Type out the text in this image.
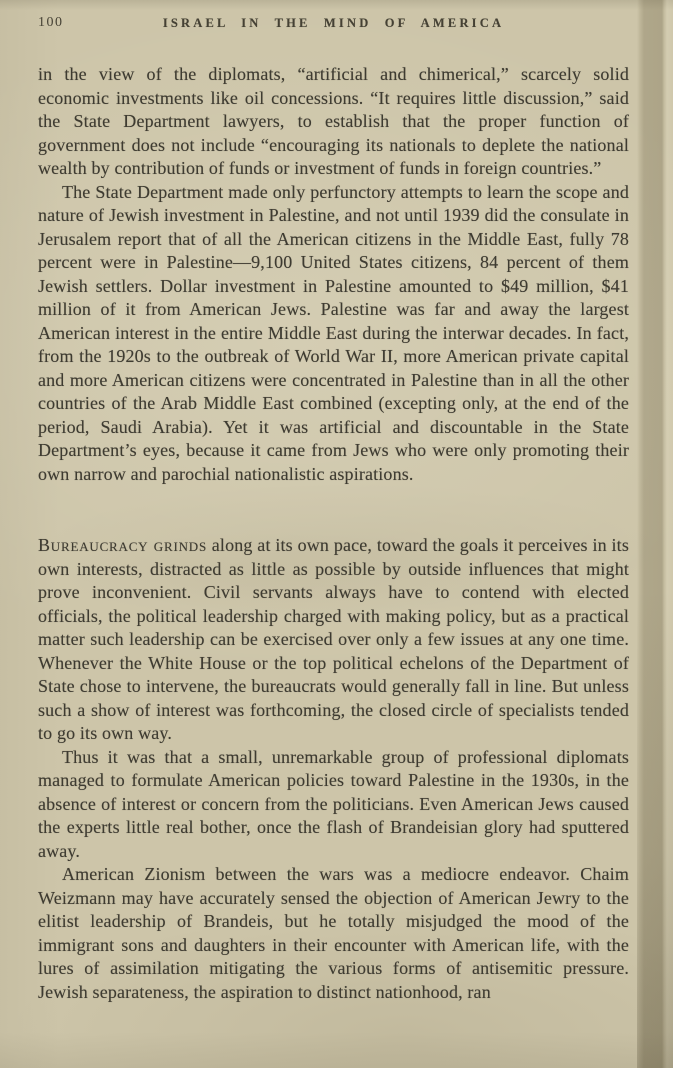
100	ISRAEL IN THE MIND OF AMERICA

in the view of the diplomats, “artificial and chimerical,” scarcely solid economic investments like oil concessions. “It requires little discussion,” said the State Department lawyers, to establish that the proper function of government does not include “encouraging its nationals to deplete the national wealth by contribution of funds or investment of funds in foreign countries.”

The State Department made only perfunctory attempts to learn the scope and nature of Jewish investment in Palestine, and not until 1939 did the consulate in Jerusalem report that of all the American citizens in the Middle East, fully 78 percent were in Palestine—9,100 United States citizens, 84 percent of them Jewish settlers. Dollar investment in Palestine amounted to $49 million, $41 million of it from American Jews. Palestine was far and away the largest American interest in the entire Middle East during the interwar decades. In fact, from the 1920s to the outbreak of World War II, more American private capital and more American citizens were concentrated in Palestine than in all the other countries of the Arab Middle East combined (excepting only, at the end of the period, Saudi Arabia). Yet it was artificial and discountable in the State Department’s eyes, because it came from Jews who were only promoting their own narrow and parochial nationalistic aspirations.

Bureaucracy grinds along at its own pace, toward the goals it perceives in its own interests, distracted as little as possible by outside influences that might prove inconvenient. Civil servants always have to contend with elected officials, the political leadership charged with making policy, but as a practical matter such leadership can be exercised over only a few issues at any one time. Whenever the White House or the top political echelons of the Department of State chose to intervene, the bureaucrats would generally fall in line. But unless such a show of interest was forthcoming, the closed circle of specialists tended to go its own way.

Thus it was that a small, unremarkable group of professional diplomats managed to formulate American policies toward Palestine in the 1930s, in the absence of interest or concern from the politicians. Even American Jews caused the experts little real bother, once the flash of Brandeisian glory had sputtered away.

American Zionism between the wars was a mediocre endeavor. Chaim Weizmann may have accurately sensed the objection of American Jewry to the elitist leadership of Brandeis, but he totally misjudged the mood of the immigrant sons and daughters in their encounter with American life, with the lures of assimilation mitigating the various forms of antisemitic pressure. Jewish separateness, the aspiration to distinct nationhood, ran
